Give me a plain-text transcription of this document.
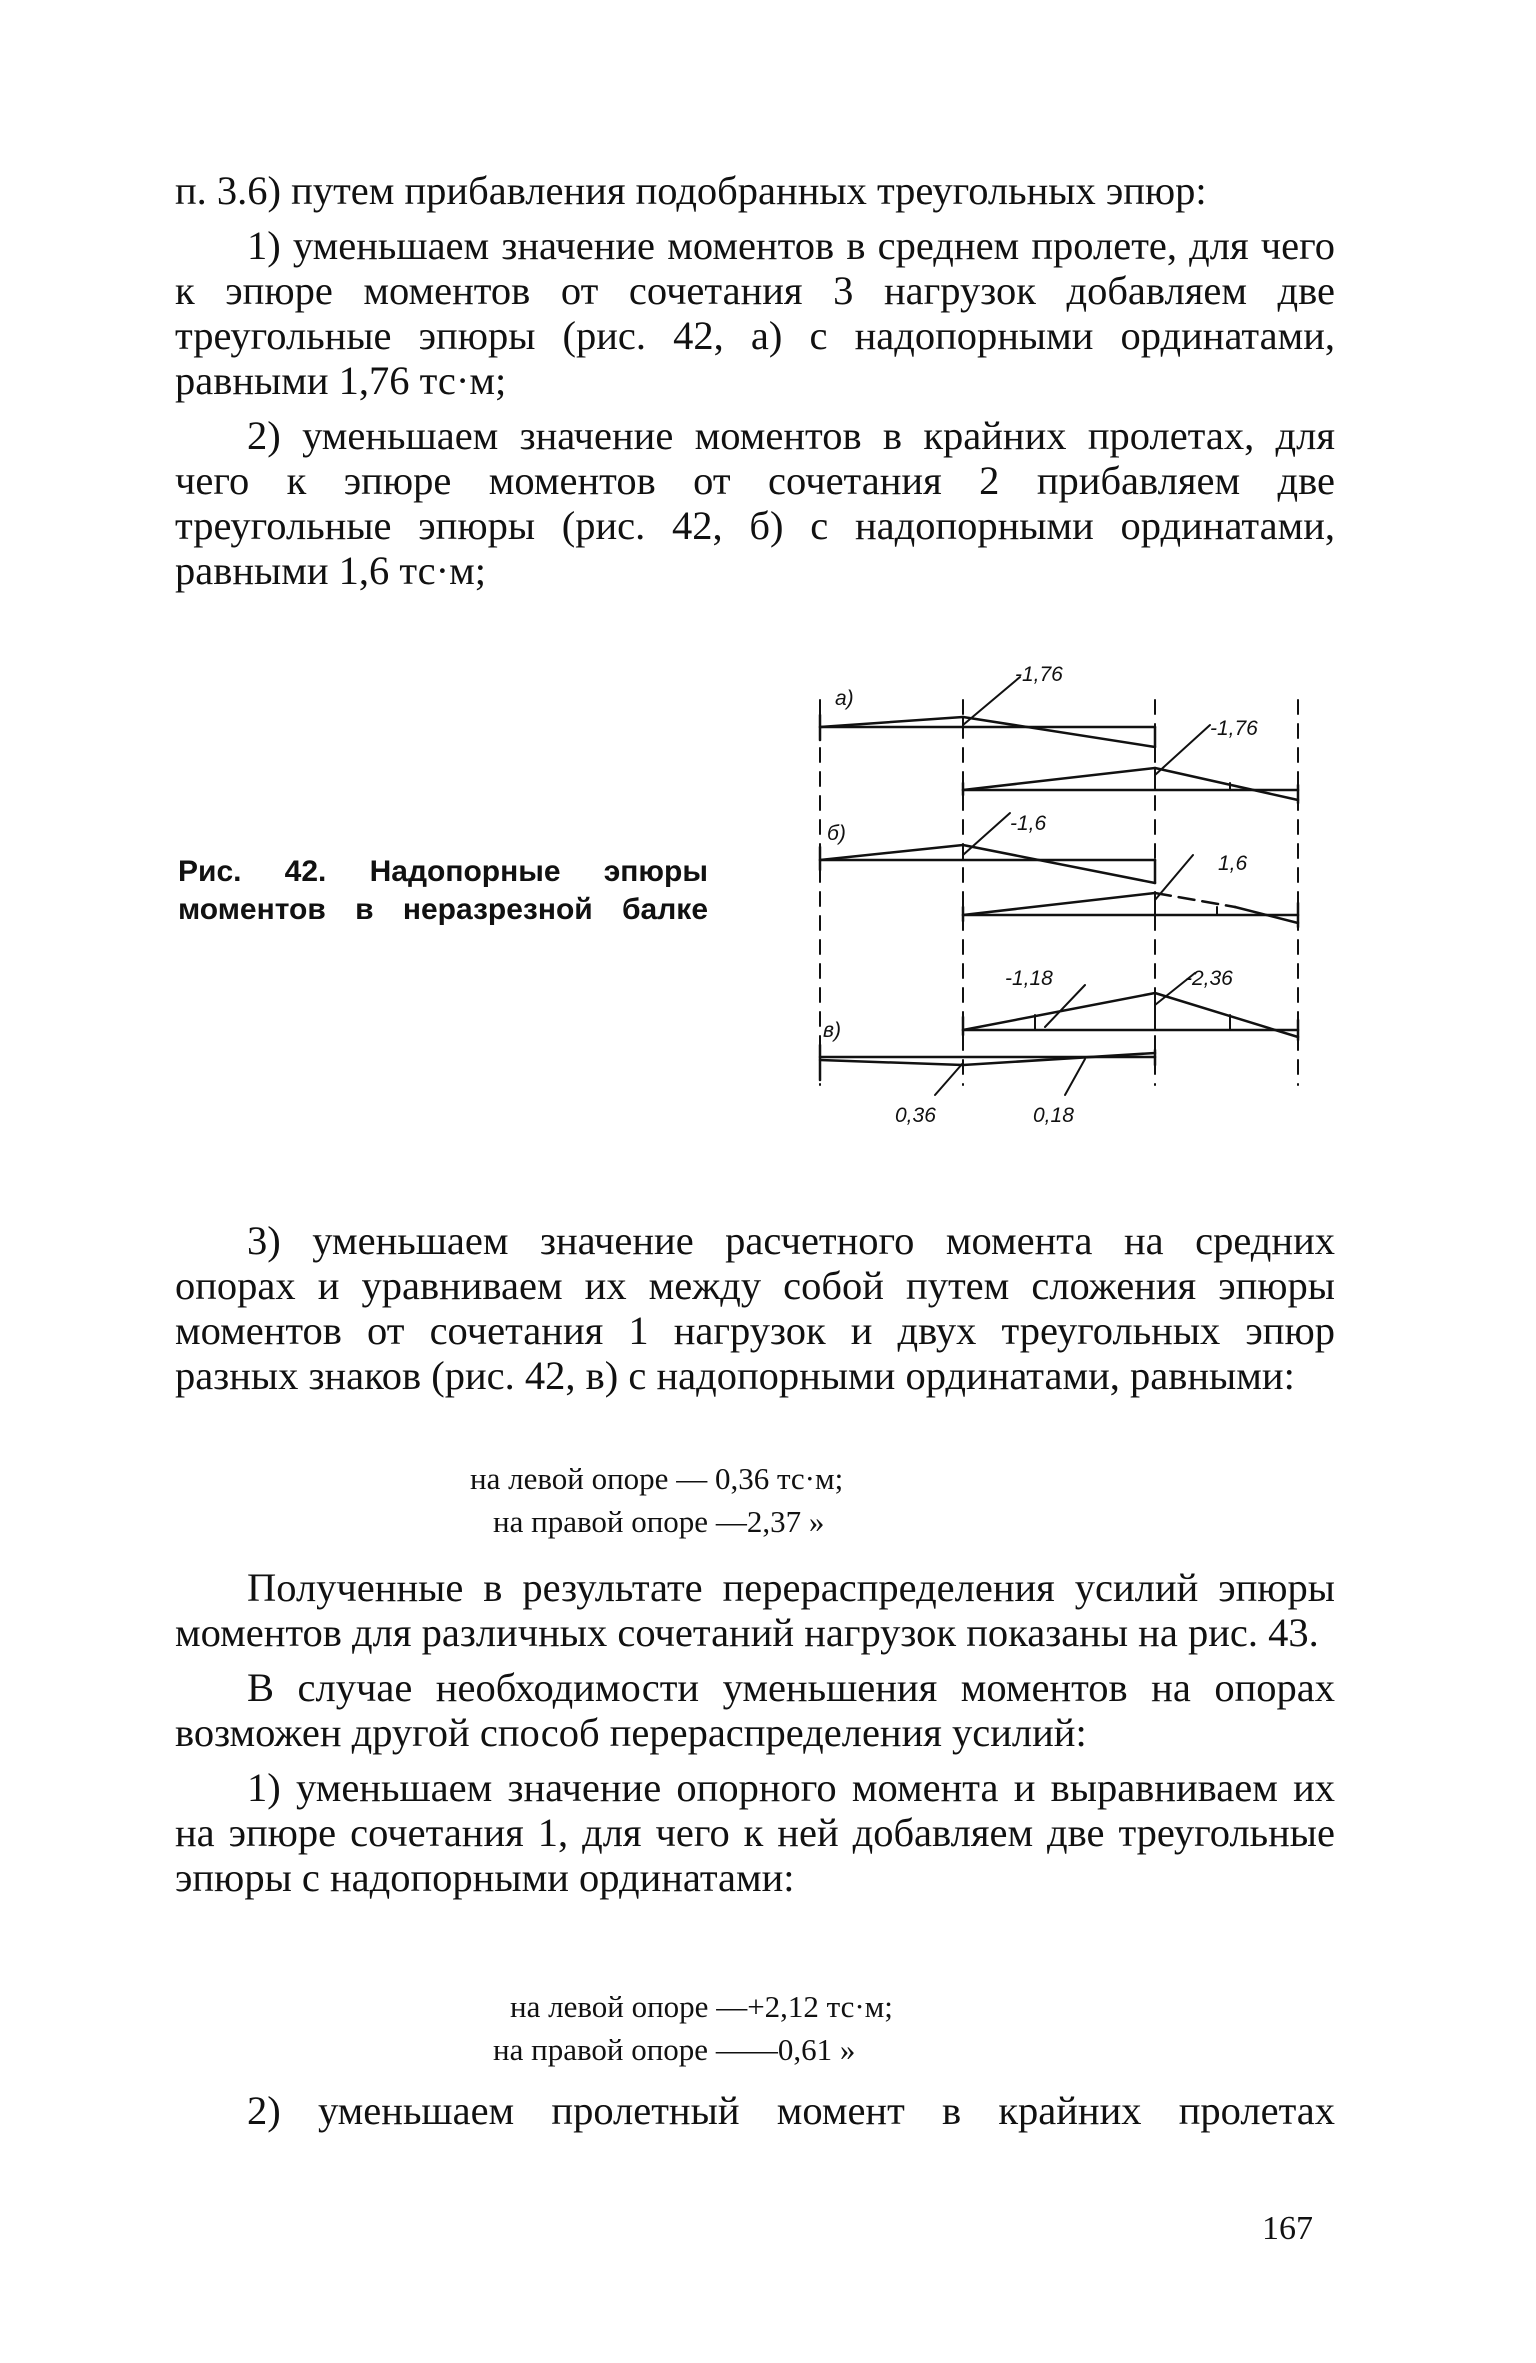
п. 3.6) путем прибавления подобранных треугольных эпюр:

1) уменьшаем значение моментов в среднем пролете, для чего к эпюре моментов от сочетания 3 нагрузок добавляем две треугольные эпюры (рис. 42, а) с надопорными ординатами, равными 1,76 тс·м;

2) уменьшаем значение моментов в крайних пролетах, для чего к эпюре моментов от сочетания 2 прибавляем две треугольные эпюры (рис. 42, б) с надопорными ординатами, равными 1,6 тс·м;

Рис. 42. Надопорные эпюры
моментов в неразрезной балке
а)
-1,76
-1,76
б)	-1,6
1,6
-1,18	-2,36
в)
0,36	0,18

3) уменьшаем значение расчетного момента на средних опорах и уравниваем их между собой путем сложения эпюры моментов от сочетания 1 нагрузок и двух треугольных эпюр разных знаков (рис. 42, в) с надопорными ординатами, равными:

на левой опоре — 0,36 тс·м;
на правой опоре —2,37 »

Полученные в результате перераспределения усилий эпюры моментов для различных сочетаний нагрузок показаны на рис. 43.

В случае необходимости уменьшения моментов на опорах возможен другой способ перераспределения усилий:

1) уменьшаем значение опорного момента и выравниваем их на эпюре сочетания 1, для чего к ней добавляем две треугольные эпюры с надопорными ординатами:

на левой опоре —+2,12 тс·м;
на правой опоре ——0,61 »

2) уменьшаем пролетный момент в крайних пролетах

167
